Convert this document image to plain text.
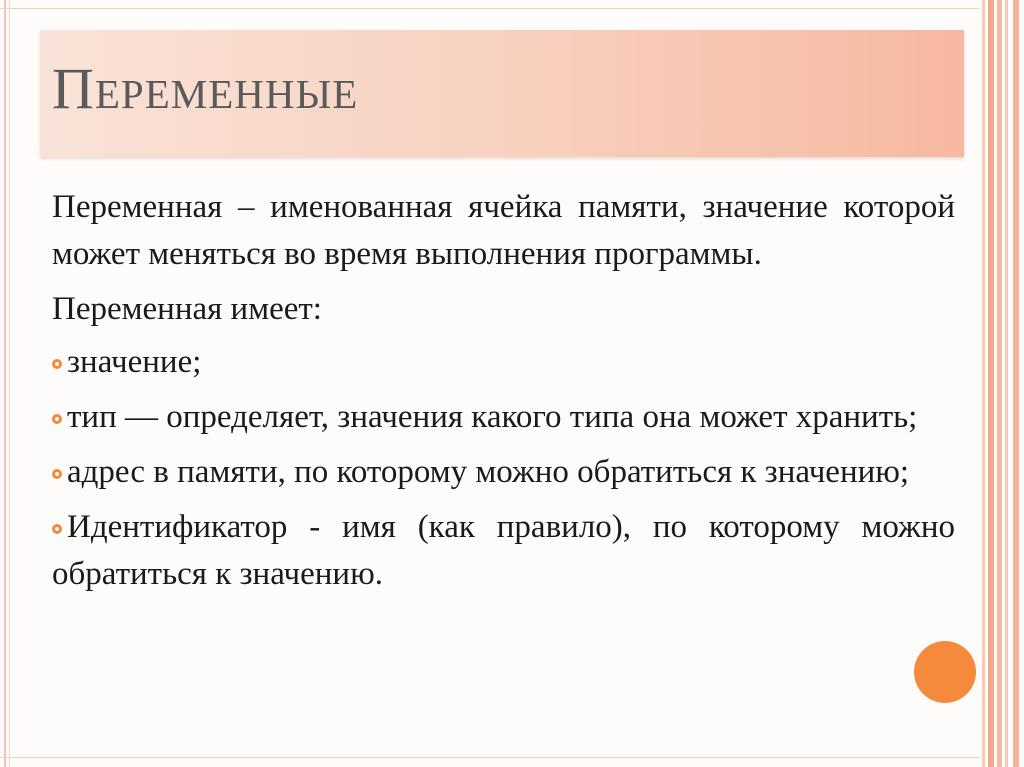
Переменные

Переменная – именованная ячейка памяти, значение которой может меняться во время выполнения программы.

Переменная имеет:

значение;
тип — определяет, значения какого типа она может хранить;
адрес в памяти, по которому можно обратиться к значению;
Идентификатор - имя (как правило), по которому можно обратиться к значению.
